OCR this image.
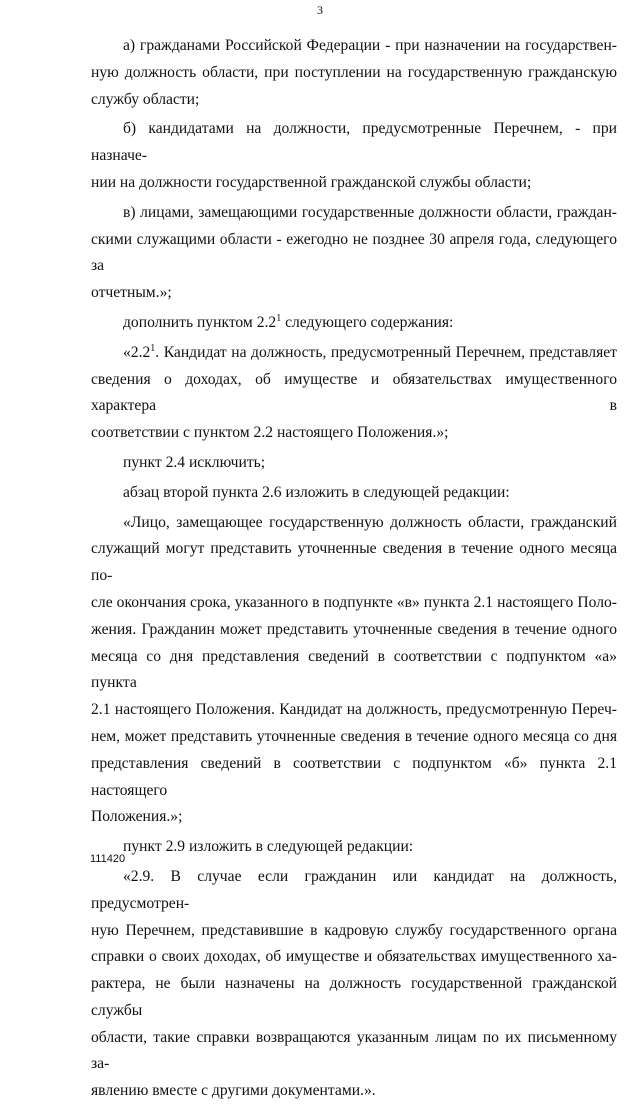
3
а) гражданами Российской Федерации - при назначении на государствен-
ную должность области, при поступлении на государственную гражданскую
службу области;
б) кандидатами на должности, предусмотренные Перечнем, - при назначе-
нии на должности государственной гражданской службы области;
в) лицами, замещающими государственные должности области, граждан-
скими служащими области - ежегодно не позднее 30 апреля года, следующего за
отчетным.»;
дополнить пунктом $2.2^1$ следующего содержания:
«$2.2^1$. Кандидат на должность, предусмотренный Перечнем, представляет
сведения о доходах, об имуществе и обязательствах имущественного характера в
соответствии с пунктом 2.2 настоящего Положения.»;
пункт 2.4 исключить;
абзац второй пункта 2.6 изложить в следующей редакции:
«Лицо, замещающее государственную должность области, гражданский
служащий могут представить уточненные сведения в течение одного месяца по-
сле окончания срока, указанного в подпункте «в» пункта 2.1 настоящего Поло-
жения. Гражданин может представить уточненные сведения в течение одного
месяца со дня представления сведений в соответствии с подпунктом «а» пункта
2.1 настоящего Положения. Кандидат на должность, предусмотренную Переч-
нем, может представить уточненные сведения в течение одного месяца со дня
представления сведений в соответствии с подпунктом «б» пункта 2.1 настоящего
Положения.»;
пункт 2.9 изложить в следующей редакции:
«2.9. В случае если гражданин или кандидат на должность, предусмотрен-
ную Перечнем, представившие в кадровую службу государственного органа
справки о своих доходах, об имуществе и обязательствах имущественного ха-
рактера, не были назначены на должность государственной гражданской службы
области, такие справки возвращаются указанным лицам по их письменному за-
явлению вместе с другими документами.».
111420
